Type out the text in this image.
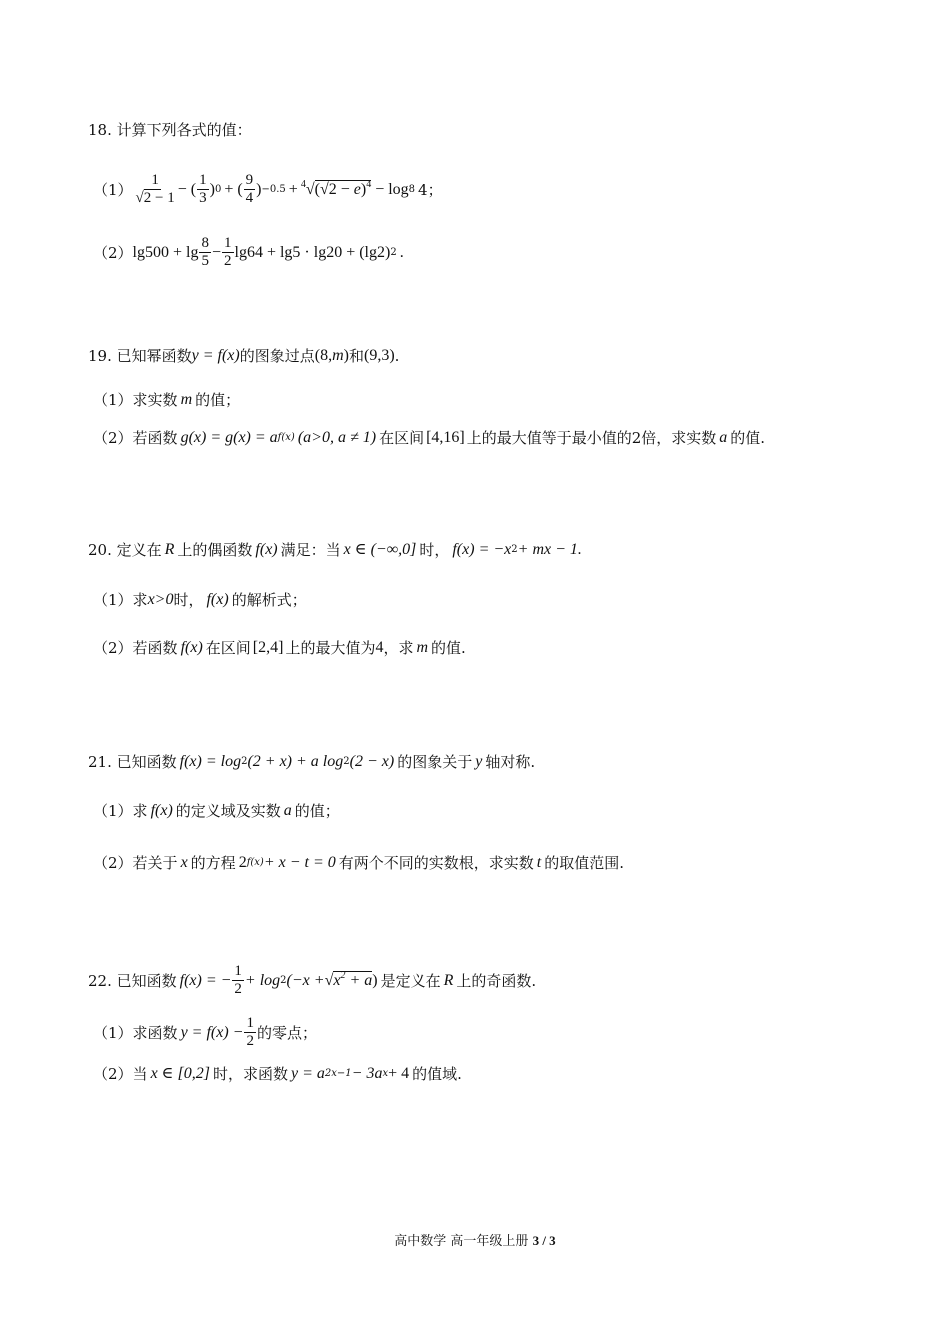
18. 计算下列各式的值：
$(1) \frac{1}{√2 - 1}$ − ( $\frac{1}{3}$ ) 0 + ( $\frac{9}{4}$ ) $-0.5 + ^4√(√2 - e)^4 - \log 8$ 4；
（2） $\lg 500 + \lg \frac{8}{5} - \frac{1}{2} \lg 64 + \lg 5 \cdot \lg 20 + (\lg 2)$ 2 .
19. 已知幂函数 y = f(x) 的图象过点 (8, m ) 和 (9,3) .
（1） 求实数 m 的值；
（2） 若函数 g(x) = g(x) = a f(x) (a>0, a ≠ 1) 在区间 [4,16] 上的最大值等于最小值的2倍，求实数 a 的值.
20. 定义在 R 上的偶函数 f(x) 满足：当 x ∈ (−∞,0] 时， f(x) = −x 2 + mx − 1.
（1） 求 x>0 时， f(x) 的解析式；
（2） 若函数 f(x) 在区间 [2,4] 上的最大值为 4 ，求 m 的值.
21. 已知函数 f(x) = log 2 (2 + x) + a log 2 (2 − x) 的图象关于 y 轴对称.
（1） 求 f(x) 的定义域及实数 a 的值；
（2） 若关于 x 的方程 2 f(x) + x − t = 0 有两个不同的实数根，求实数 t 的取值范围.
22. 已知函数 f(x) = − $\frac{1}{2} + \log 2$ ($-x + √x^2 + a$ ) 是定义在 R 上的奇函数.
（1） 求函数 $y = f(x) - \frac{1}{2}$ 的零点；
（2） 当 x ∈ [0,2] 时，求函数 y = a 2x−1 − 3a x + 4 的值域.
高中数学 高一年级上册 3 / 3
